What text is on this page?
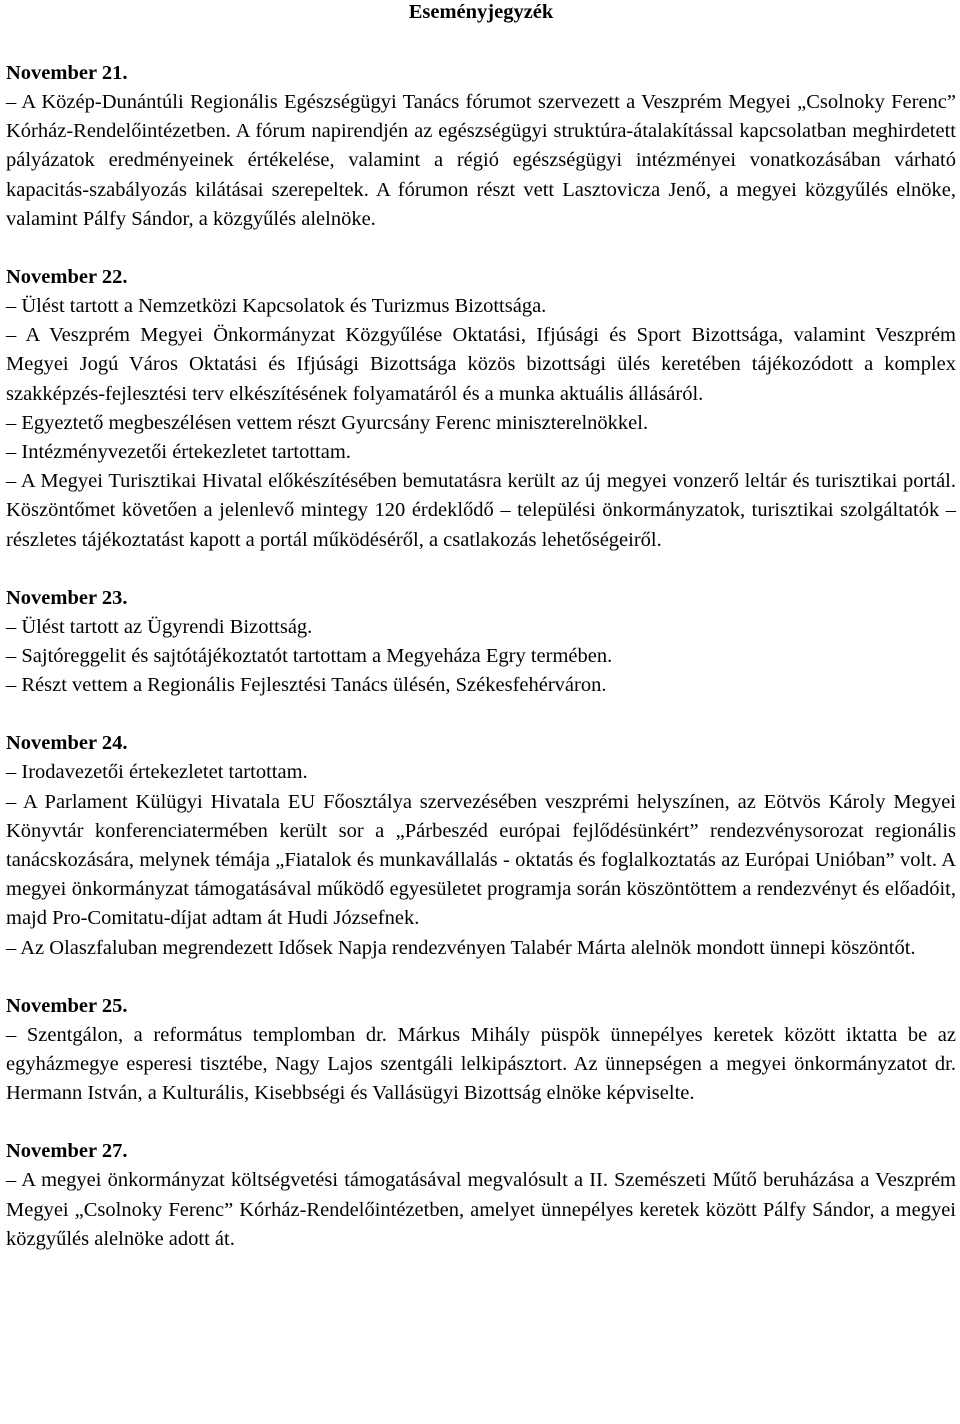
Eseményjegyzék
November 21.

– A Közép-Dunántúli Regionális Egészségügyi Tanács fórumot szervezett a Veszprém Megyei „Csolnoky Ferenc” Kórház-Rendelőintézetben. A fórum napirendjén az egészségügyi struktúra-átalakítással kapcsolatban meghirdetett pályázatok eredményeinek értékelése, valamint a régió egészségügyi intézményei vonatkozásában várható kapacitás-szabályozás kilátásai szerepeltek. A fórumon részt vett Lasztovicza Jenő, a megyei közgyűlés elnöke, valamint Pálfy Sándor, a közgyűlés alelnöke.

November 22.

– Ülést tartott a Nemzetközi Kapcsolatok és Turizmus Bizottsága.

– A Veszprém Megyei Önkormányzat Közgyűlése Oktatási, Ifjúsági és Sport Bizottsága, valamint Veszprém Megyei Jogú Város Oktatási és Ifjúsági Bizottsága közös bizottsági ülés keretében tájékozódott a komplex szakképzés-fejlesztési terv elkészítésének folyamatáról és a munka aktuális állásáról.

– Egyeztető megbeszélésen vettem részt Gyurcsány Ferenc miniszterelnökkel.

– Intézményvezetői értekezletet tartottam.

– A Megyei Turisztikai Hivatal előkészítésében bemutatásra került az új megyei vonzerő leltár és turisztikai portál. Köszöntőmet követően a jelenlevő mintegy 120 érdeklődő – települési önkormányzatok, turisztikai szolgáltatók – részletes tájékoztatást kapott a portál működéséről, a csatlakozás lehetőségeiről.

November 23.

– Ülést tartott az Ügyrendi Bizottság.

– Sajtóreggelit és sajtótájékoztatót tartottam a Megyeháza Egry termében.

– Részt vettem a Regionális Fejlesztési Tanács ülésén, Székesfehérváron.

November 24.

– Irodavezetői értekezletet tartottam.

– A Parlament Külügyi Hivatala EU Főosztálya szervezésében veszprémi helyszínen, az Eötvös Károly Megyei Könyvtár konferenciatermében került sor a „Párbeszéd európai fejlődésünkért” rendezvénysorozat regionális tanácskozására, melynek témája „Fiatalok és munkavállalás - oktatás és foglalkoztatás az Európai Unióban” volt. A megyei önkormányzat támogatásával működő egyesületet programja során köszöntöttem a rendezvényt és előadóit, majd Pro-Comitatu-díjat adtam át Hudi Józsefnek.

– Az Olaszfaluban megrendezett Idősek Napja rendezvényen Talabér Márta alelnök mondott ünnepi köszöntőt.

November 25.

– Szentgálon, a református templomban dr. Márkus Mihály püspök ünnepélyes keretek között iktatta be az egyházmegye esperesi tisztébe, Nagy Lajos szentgáli lelkipásztort. Az ünnepségen a megyei önkormányzatot dr. Hermann István, a Kulturális, Kisebbségi és Vallásügyi Bizottság elnöke képviselte.

November 27.

– A megyei önkormányzat költségvetési támogatásával megvalósult a II. Szemészeti Műtő beruházása a Veszprém Megyei „Csolnoky Ferenc” Kórház-Rendelőintézetben, amelyet ünnepélyes keretek között Pálfy Sándor, a megyei közgyűlés alelnöke adott át.
